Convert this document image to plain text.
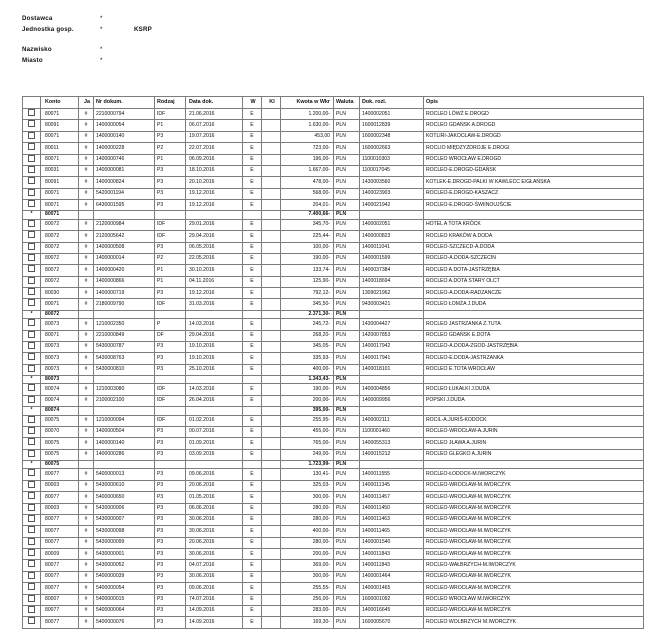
Dostawca	*
Jednostka gosp.	*	KSRP
Nazwisko	*
Miasto	*
	Konto	Ja	Nr dokum.	Rodzaj	Data dok.	W	Kl	Kwota w Wkr	Waluta	Dok. rozl.	Opis
	80071	#	2210000794	IDF	21.06.2016	E		1.200,00-	PLN	1400002051	ROCLEO LÓWŻ E.DROGD
	80091	#	1400000054	P1	06.07.2016	E		1.630,00-	PLN	1600012839	ROCLEO GDAŃSK A.DROGD
	80071	#	1400000140	P3	19.07.2016	E		453,00	PLN	1600002348	KOTLIRI-JAKOCŁAW-E.DROGD
	80011	#	1400000228	P2	22.07.2016	E		723,00-	PLN	1600002663	ROCLIO MIĘDZYZDROJE E.DROGI
	80071	#	1400000746	P1	06.09.2016	E		196,00-	PLN	1100010303	ROCLEO WROCŁAW E.DROGD
	80031	#	1400000081	P3	18.10.2016	E		1.667,00-	PLN	1100017045	ROCLEO-E.DROGD-GDAŃSK
	80091	#	1400000824	P3	20.10.2016	E		478,00-	PLN	1430003560	KOTLEK-E.DROGD-PALKI W KAWLECC E/GŁAŃSKA
	80071	#	5420001194	P3	19.12.2016	E		568,00-	PLN	1400023903	ROCLEO-E.DROGD-KASZACZ
	80071	#	6430001595	P3	19.12.2016	E		204,01-	PLN	1400021942	ROCLEO-E.DROGD-ŚWIINOUJŚCIE
*	80071							7.400,66-	PLN		
	80072	#	2120000984	IDF	29.01.2016	E		345,70-	PLN	1400002051	HOTEL A TOTA KRÓCK
	80072	#	2120005642	IDF	29.04.2016	E		225,44-	PLN	1400000823	ROCLEO KRAKÓW A.DODA
	80072	#	1400000508	P3	06.05.2016	E		100,00-	PLN	1400011041	ROCLEO-SZCZECD-A.DODA
	80072	#	1400000014	P2	22.05.2016	E		190,00-	PLN	1400001599	ROCLEO-A.DODA-SZCZECIN
	80072	#	1400000420	P1	30.10.2016	E		133,74-	PLN	1400037384	ROCLEO A.DOTA-JASTRZĘBIA
	80072	#	1400000866	P1	04.11.2016	E		125,90-	PLN	1400018694	ROCLEO A.DOTA STARY OLCT
	80030	#	1400000719	P3	19.12.2016	E		792,12-	PLN	1309021962	ROCLEO-A.DODA-RADZANCZE
	80071	#	2180009790	IDF	31.03.2016	E		345,50-	PLN	9430003421	ROCLEO ŁOMŻA J.DUDA
*	80072							2.371,30-	PLN		
	80073	#	1210002350	P	14.03.2016	E		245,72-	PLN	1430004427	ROCLEO JASTRZANKA Z.TUTA
	80071	#	2210000849	DF	29.04.2016	E		268,20-	PLN	1420007853	ROCLEO GDAŃSK E.DOTA
	80073	#	5430000787	P3	19.10.2016	E		345,05-	PLN	1400017942	ROCLEO-A.DODA-ZGOD-JASTRZĘBIA
	80073	#	5430008763	P3	19.10.2016	E		335,93-	PLN	1400017941	ROCLEO-E.DODA-JASTRZANKA
	80073	#	5430000810	P3	25.10.2016	E		400,00-	PLN	1400018101	ROCLEO E.TOTA WROCŁAW
*	80073							1.343,43-	PLN		
	80074	#	1210003080	IDF	14.03.2016	E		190,00-	PLN	1400004856	ROCLEO ŁUKAŁKI J.DUDA
	80074	#	2100002100	IDF	26.04.2016	E		200,00-	PLN	1400009956	POPSKI J.DUDA
*	80074							395,00-	PLN		
	80075	#	1210000094	IDF	01.02.2016	E		255,95-	PLN	1400002111	ROCIL-A.JURIŚ-KODOCK
	80070	#	1400000504	P3	00.07.2016	E		455,00-	PLN	1100001460	ROCLEO-WROCŁAW-A.JURIN
	80075	#	1400000140	P3	01.09.2016	E		765,00-	PLN	1400055313	ROCLEO JŁAWA A.JURIN
	80075	#	1400000286	P3	03.09.2016	E		249,00-	PLN	1400015212	ROCLEO GLEGKO A.JURIN
*	80075							1.723,99-	PLN		
	80077	#	5400000013	P3	09.06.2016	E		130,41-	PLN	1400011555	ROCLEO-ŁODOCK-M.IWORCZYK
	80003	#	5430000610	P3	20.06.2016	E		325,03-	PLN	1400011345	ROCLEO-WROCŁAW-M.IWORCZYK
	80077	#	5400000650	P3	01.05.2016	E		300,00-	PLN	1400011457	ROCLEO-WROCŁAW-M.IWORCZYK
	80003	#	5430000006	P3	06.06.2016	E		280,00-	PLN	1400011450	ROCLEO-WROCŁAW-M.IWORCZYK
	80077	#	5430000007	P3	30.06.2016	E		280,00-	PLN	1400011463	ROCLEO-WROCŁAW-M.IWORCZYK
	80077	#	5430000098	P3	30.06.2016	E		400,00-	PLN	1400011465	ROCLEO-WROCŁAW-M.IWORCZYK
	80077	#	5430000099	P3	20.06.2016	E		280,00-	PLN	1400001540	ROCLEO-WROCŁAW-M.IWORCZYK
	80009	#	5430000001	P3	30.06.2016	E		200,00-	PLN	1400011843	ROCLEO-WROCŁAW-M.IWORCZYK
	80077	#	5430000052	P3	04.07.2016	E		369,00-	PLN	1400011843	ROCLEO-WAŁBRZYCH-M.IWORCZYK
	80077	#	5400000039	P3	30.06.2016	E		300,00-	PLN	1400001464	ROCLEO-WROCŁAW-M.IWORCZYK
	80077	#	5400000054	P3	09.06.2016	E		255,55-	PLN	1400001465	ROCLEO-WROCŁAW-M.IWORCZYK
	80007	#	5400000015	P3	74.07.2016	E		256,00-	PLN	1600001092	ROCLEO WROCŁAW M.IWORCZYK
	80077	#	5400000064	P3	14.09.2016	E		283,00-	PLN	1400016645	ROCLEO-WROCŁAW-M.IWORCZYK
	80077	#	5400000076	P3	14.09.2016	E		169,30-	PLN	1600005670	ROCLEO WOLBRZYCH M.IWORCZYK
